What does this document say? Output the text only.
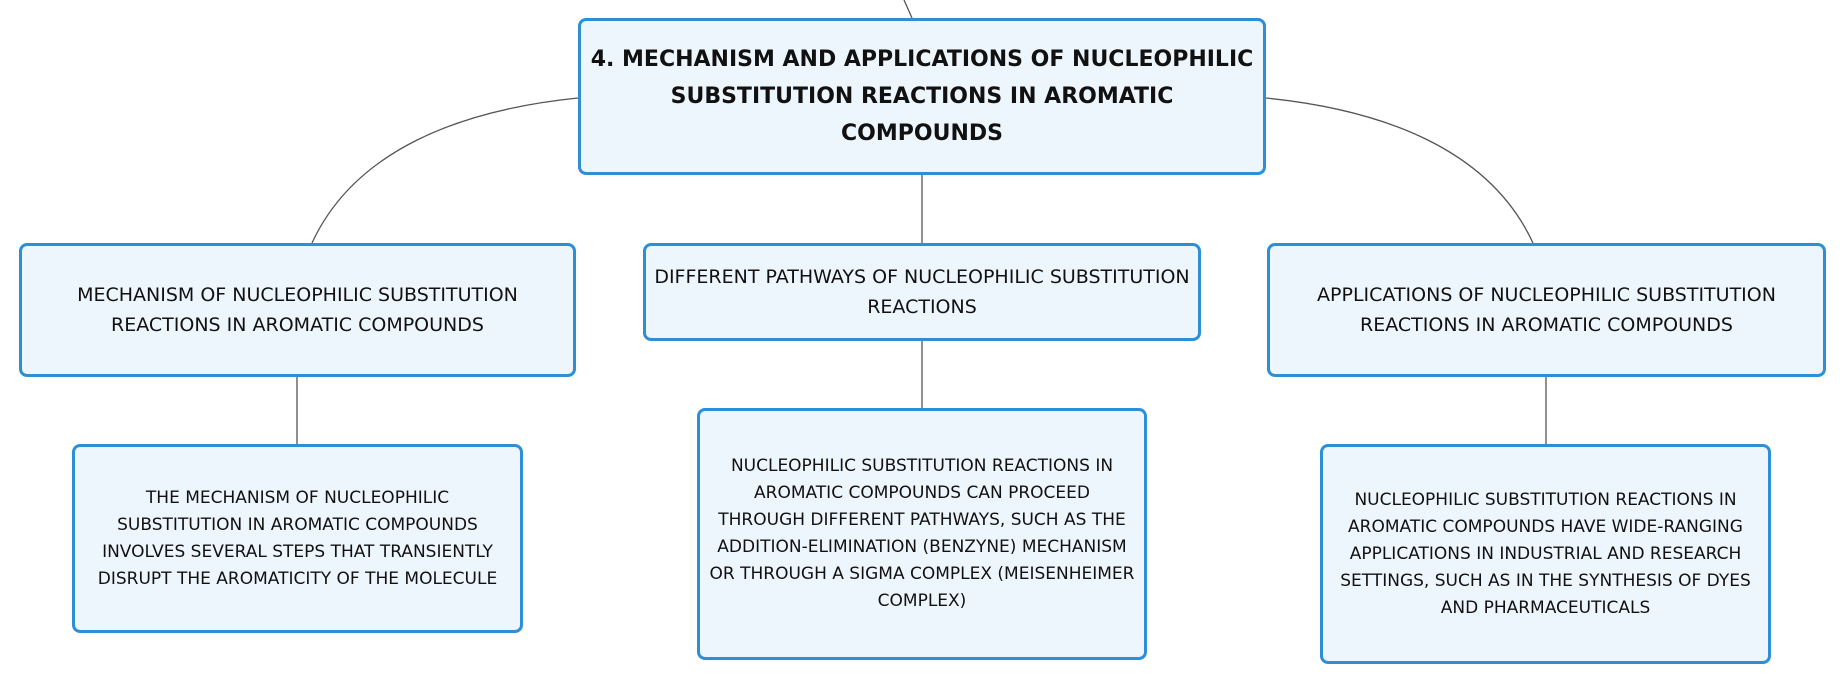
4. MECHANISM AND APPLICATIONS OF NUCLEOPHILIC SUBSTITUTION REACTIONS IN AROMATIC COMPOUNDS
MECHANISM OF NUCLEOPHILIC SUBSTITUTION REACTIONS IN AROMATIC COMPOUNDS
DIFFERENT PATHWAYS OF NUCLEOPHILIC SUBSTITUTION REACTIONS
APPLICATIONS OF NUCLEOPHILIC SUBSTITUTION REACTIONS IN AROMATIC COMPOUNDS
THE MECHANISM OF NUCLEOPHILIC SUBSTITUTION IN AROMATIC COMPOUNDS INVOLVES SEVERAL STEPS THAT TRANSIENTLY DISRUPT THE AROMATICITY OF THE MOLECULE
NUCLEOPHILIC SUBSTITUTION REACTIONS IN AROMATIC COMPOUNDS CAN PROCEED THROUGH DIFFERENT PATHWAYS, SUCH AS THE ADDITION-ELIMINATION (BENZYNE) MECHANISM OR THROUGH A SIGMA COMPLEX (MEISENHEIMER COMPLEX)
NUCLEOPHILIC SUBSTITUTION REACTIONS IN AROMATIC COMPOUNDS HAVE WIDE-RANGING APPLICATIONS IN INDUSTRIAL AND RESEARCH SETTINGS, SUCH AS IN THE SYNTHESIS OF DYES AND PHARMACEUTICALS
